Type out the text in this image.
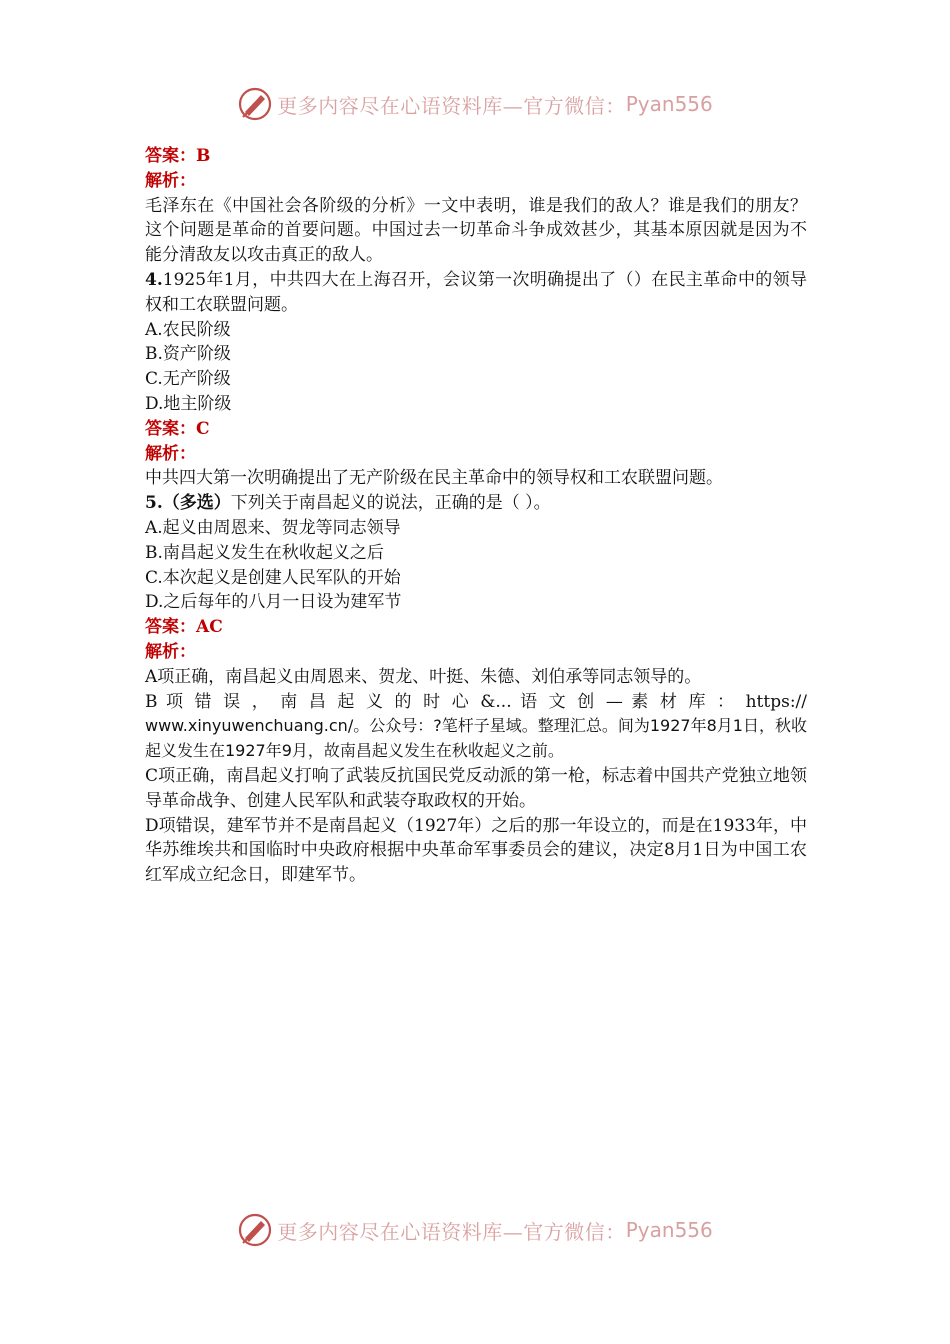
更多内容尽在心语资料库—官方微信： Pyan556

答案：B

解析：

毛泽东在《中国社会各阶级的分析》一文中表明，谁是我们的敌人？谁是我们的朋友？这个问题是革命的首要问题。中国过去一切革命斗争成效甚少，其基本原因就是因为不能分清敌友以攻击真正的敌人。

4.1925年1月，中共四大在上海召开，会议第一次明确提出了（）在民主革命中的领导权和工农联盟问题。

A.农民阶级

B.资产阶级

C.无产阶级

D.地主阶级

答案：C

解析：

中共四大第一次明确提出了无产阶级在民主革命中的领导权和工农联盟问题。

5.（多选）下列关于南昌起义的说法，正确的是（ ）。

A.起义由周恩来、贺龙等同志领导

B.南昌起义发生在秋收起义之后

C.本次起义是创建人民军队的开始

D.之后每年的八月一日设为建军节

答案：AC

解析：

A项正确，南昌起义由周恩来、贺龙、叶挺、朱德、刘伯承等同志领导的。

B 项 错 误 ， 南 昌 起 义 的 时 心 &... 语 文 创 — 素 材 库 ： https://

www.xinyuwenchuang.cn/。公众号：?笔杆子星域。整理汇总。间为1927年8月1日，秋收起义发生在1927年9月，故南昌起义发生在秋收起义之前。

C项正确，南昌起义打响了武装反抗国民党反动派的第一枪，标志着中国共产党独立地领导革命战争、创建人民军队和武装夺取政权的开始。

D项错误，建军节并不是南昌起义（1927年）之后的那一年设立的，而是在1933年，中华苏维埃共和国临时中央政府根据中央革命军事委员会的建议，决定8月1日为中国工农红军成立纪念日，即建军节。

更多内容尽在心语资料库—官方微信： Pyan556
